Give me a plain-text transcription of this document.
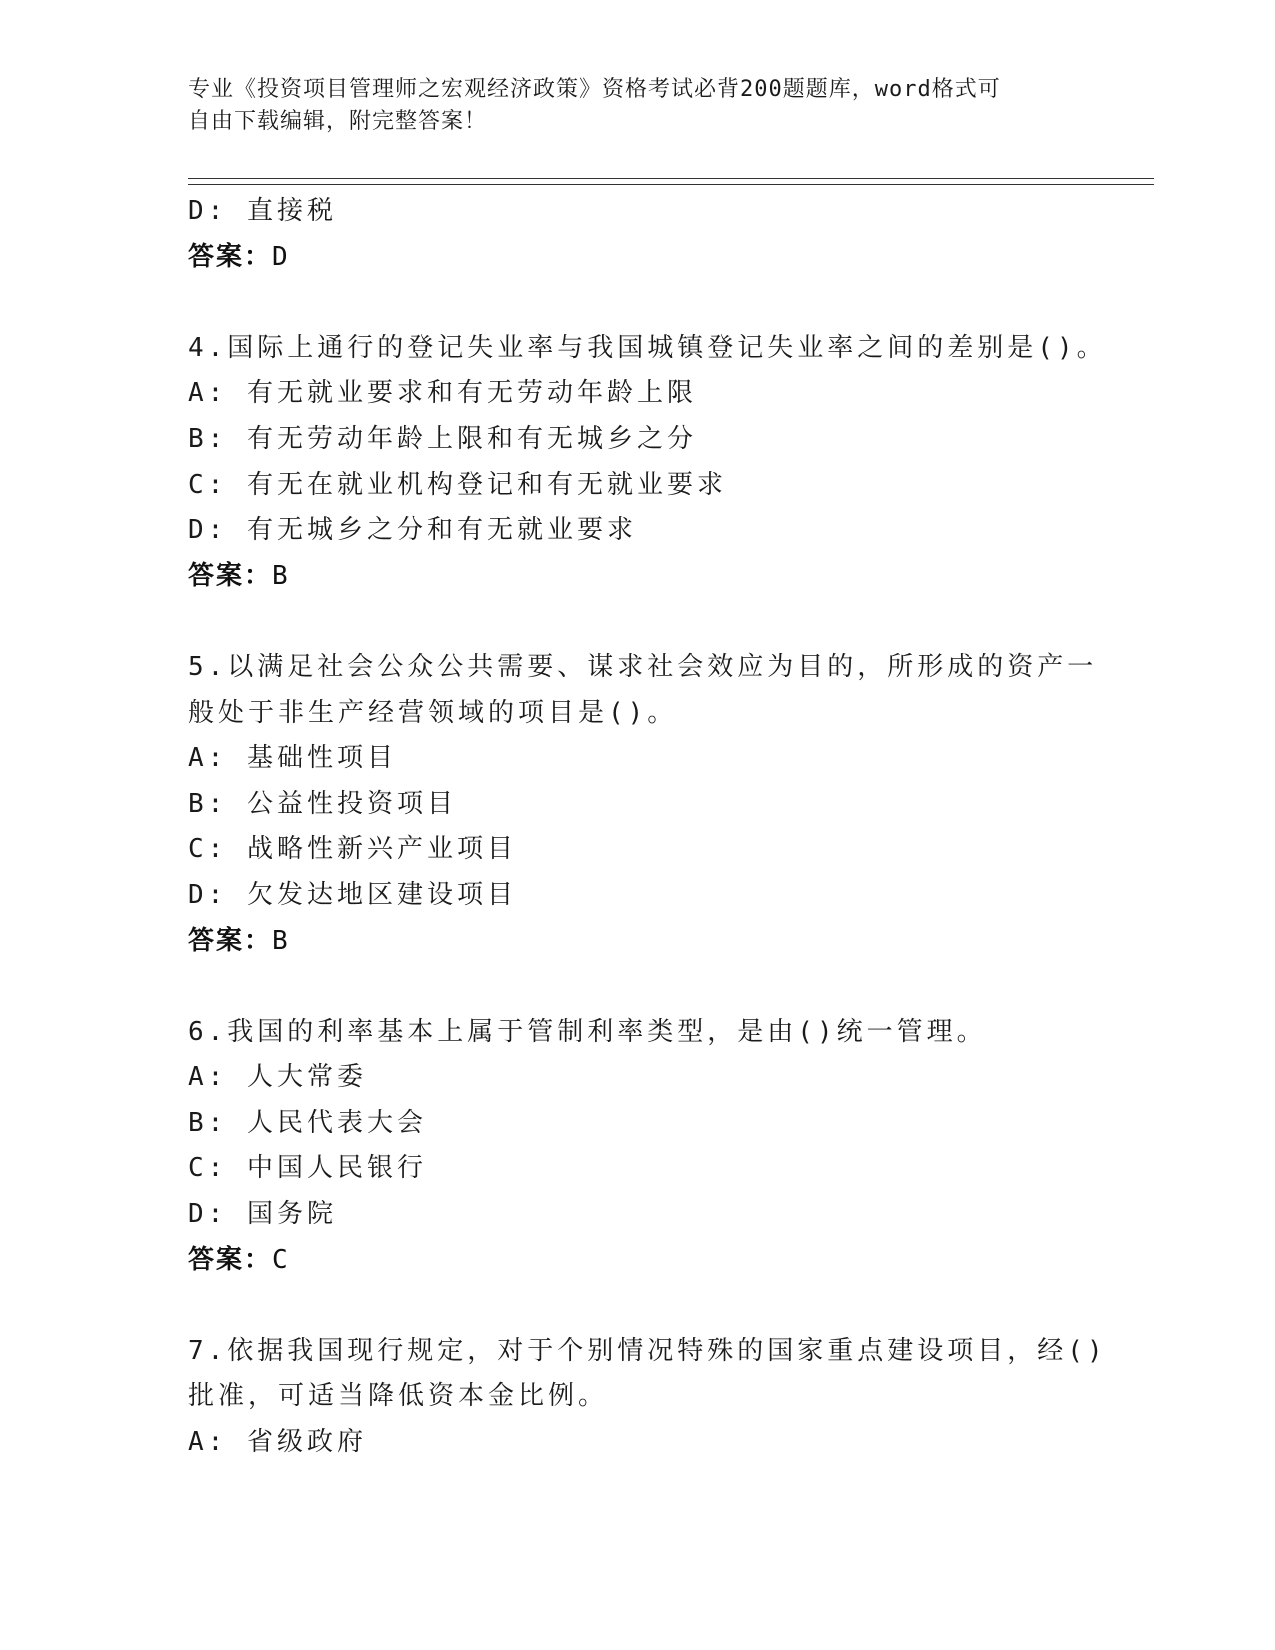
专业《投资项目管理师之宏观经济政策》资格考试必背200题题库，word格式可
自由下载编辑，附完整答案！
D: 直接税
答案：D
4.国际上通行的登记失业率与我国城镇登记失业率之间的差别是()。
A: 有无就业要求和有无劳动年龄上限
B: 有无劳动年龄上限和有无城乡之分
C: 有无在就业机构登记和有无就业要求
D: 有无城乡之分和有无就业要求
答案：B
5.以满足社会公众公共需要、谋求社会效应为目的，所形成的资产一
般处于非生产经营领域的项目是()。
A: 基础性项目
B: 公益性投资项目
C: 战略性新兴产业项目
D: 欠发达地区建设项目
答案：B
6.我国的利率基本上属于管制利率类型，是由()统一管理。
A: 人大常委
B: 人民代表大会
C: 中国人民银行
D: 国务院
答案：C
7.依据我国现行规定，对于个别情况特殊的国家重点建设项目，经()
批准，可适当降低资本金比例。
A: 省级政府
